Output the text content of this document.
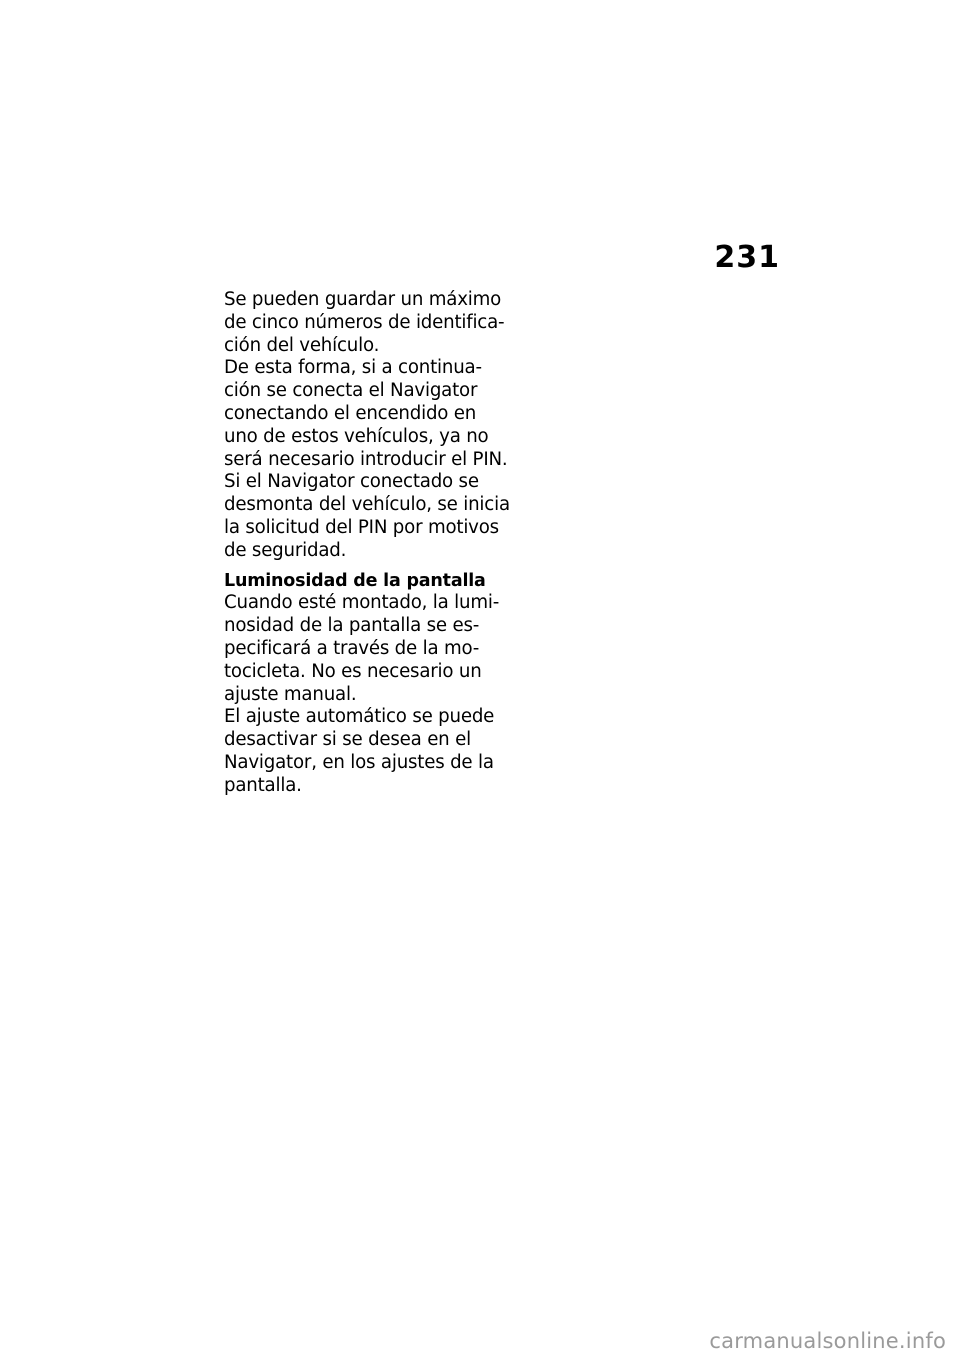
231

Se pueden guardar un máximo
de cinco números de identifica-
ción del vehículo.

De esta forma, si a continua-
ción se conecta el Navigator
conectando el encendido en
uno de estos vehículos, ya no
será necesario introducir el PIN.

Si el Navigator conectado se
desmonta del vehículo, se inicia
la solicitud del PIN por motivos
de seguridad.

Luminosidad de la pantalla

Cuando esté montado, la lumi-
nosidad de la pantalla se es-
pecificará a través de la mo-
tocicleta. No es necesario un
ajuste manual.

El ajuste automático se puede
desactivar si se desea en el
Navigator, en los ajustes de la
pantalla.

carmanualsonline.info
